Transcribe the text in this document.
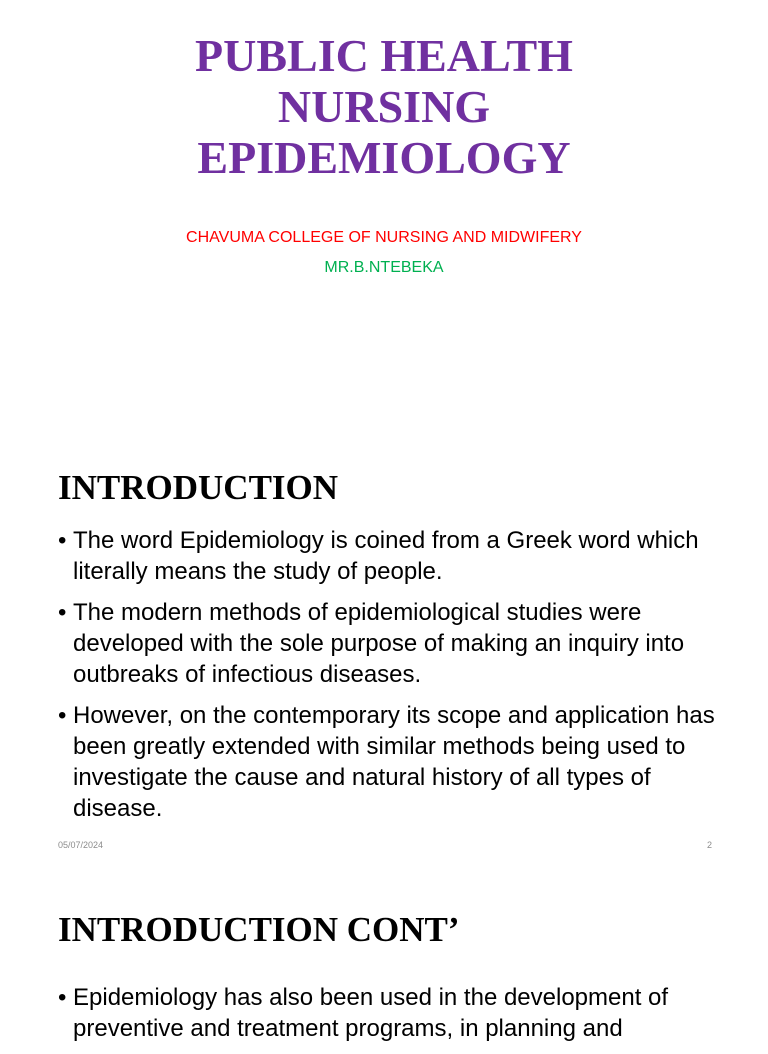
PUBLIC HEALTH
NURSING
EPIDEMIOLOGY
CHAVUMA COLLEGE OF NURSING AND MIDWIFERY
MR.B.NTEBEKA
INTRODUCTION
• The word Epidemiology is coined from a Greek word which literally means the study of people.
• The modern methods of epidemiological studies were developed with the sole purpose of making an inquiry into outbreaks of infectious diseases.
• However, on the contemporary its scope and application has been greatly extended with similar methods being used to investigate the cause and natural history of all types of disease.
05/07/2024	2
INTRODUCTION CONT’
• Epidemiology has also been used in the development of preventive and treatment programs, in planning and
